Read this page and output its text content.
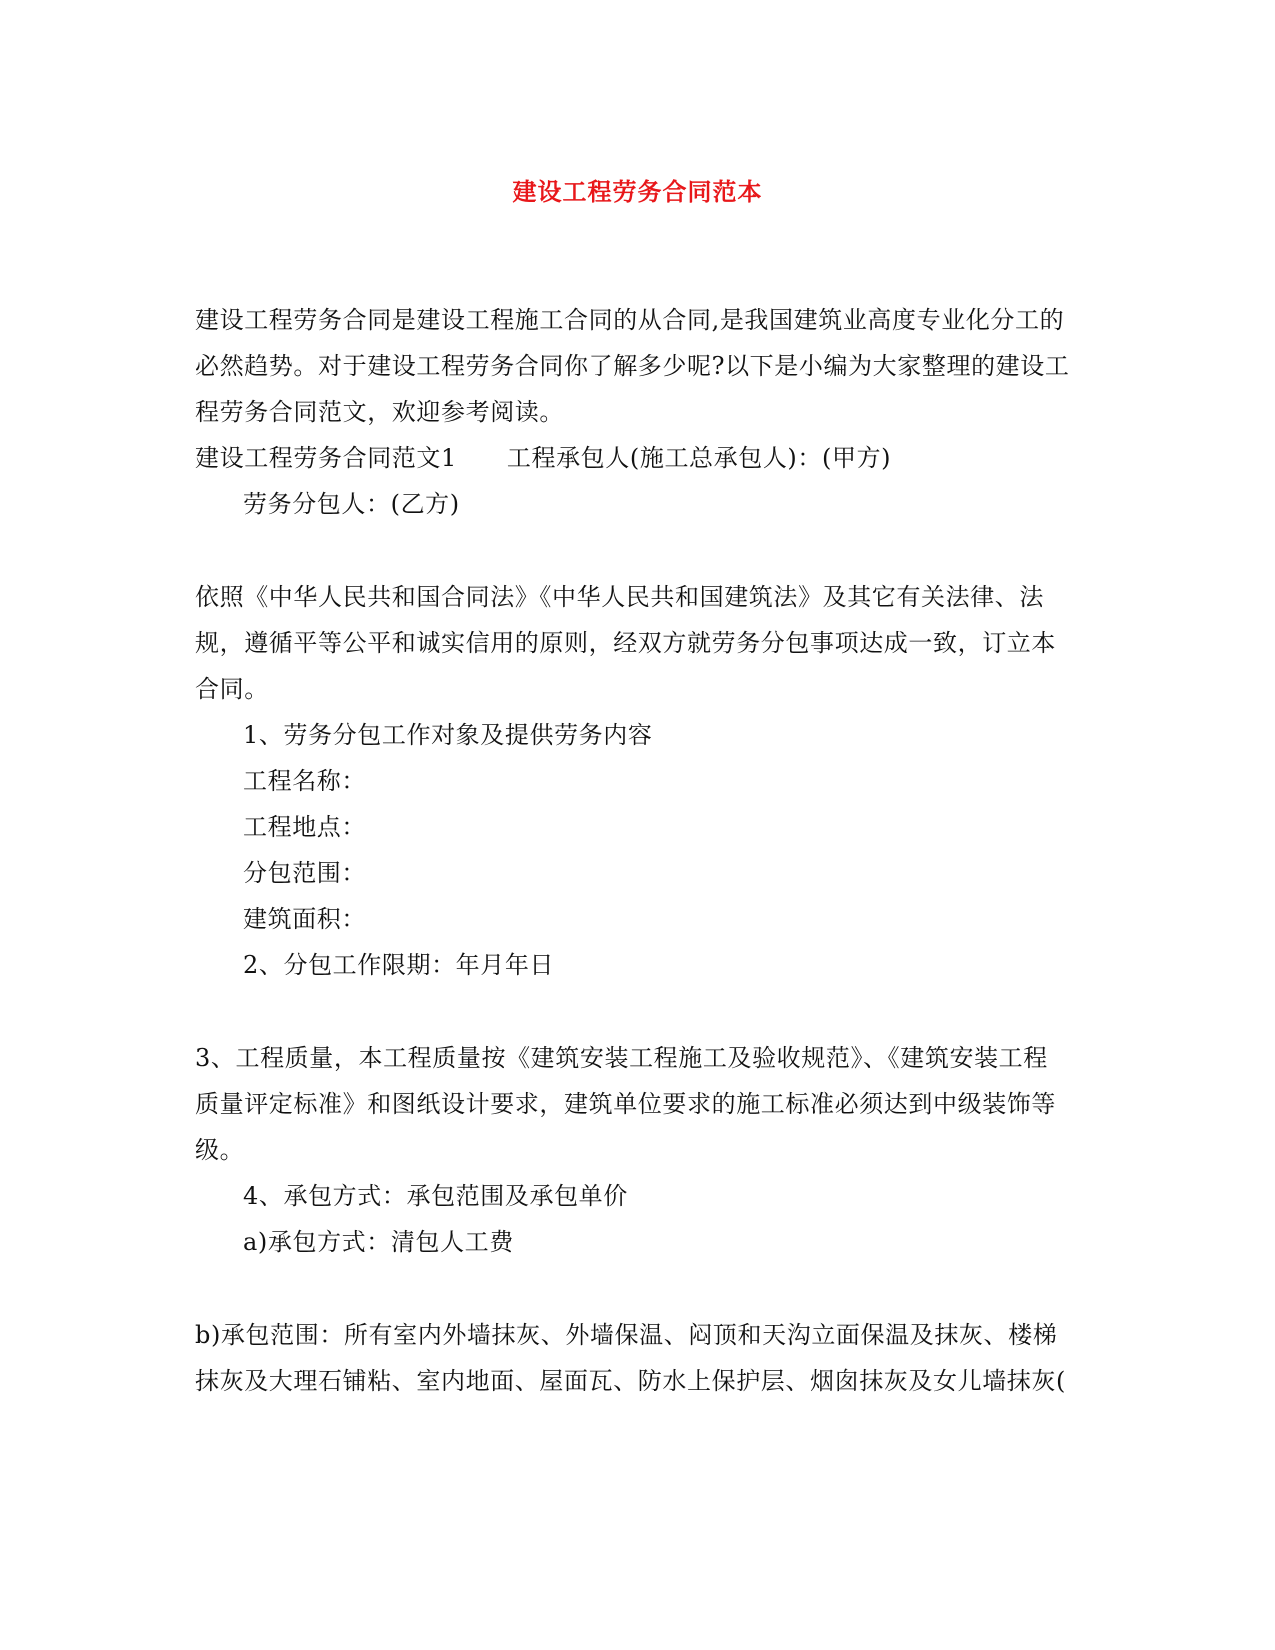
建设工程劳务合同范本
建设工程劳务合同是建设工程施工合同的从合同,是我国建筑业高度专业化分工的
必然趋势。对于建设工程劳务合同你了解多少呢?以下是小编为大家整理的建设工
程劳务合同范文，欢迎参考阅读。
建设工程劳务合同范文1 工程承包人(施工总承包人)：(甲方)
劳务分包人：(乙方)
依照《中华人民共和国合同法》《中华人民共和国建筑法》及其它有关法律、法
规，遵循平等公平和诚实信用的原则，经双方就劳务分包事项达成一致，订立本
合同。
1、劳务分包工作对象及提供劳务内容
工程名称：
工程地点：
分包范围：
建筑面积：
2、分包工作限期：年月年日
3、工程质量，本工程质量按《建筑安装工程施工及验收规范》、《建筑安装工程
质量评定标准》和图纸设计要求，建筑单位要求的施工标准必须达到中级装饰等
级。
4、承包方式：承包范围及承包单价
a)承包方式：清包人工费
b)承包范围：所有室内外墙抹灰、外墙保温、闷顶和天沟立面保温及抹灰、楼梯
抹灰及大理石铺粘、室内地面、屋面瓦、防水上保护层、烟囱抹灰及女儿墙抹灰(
